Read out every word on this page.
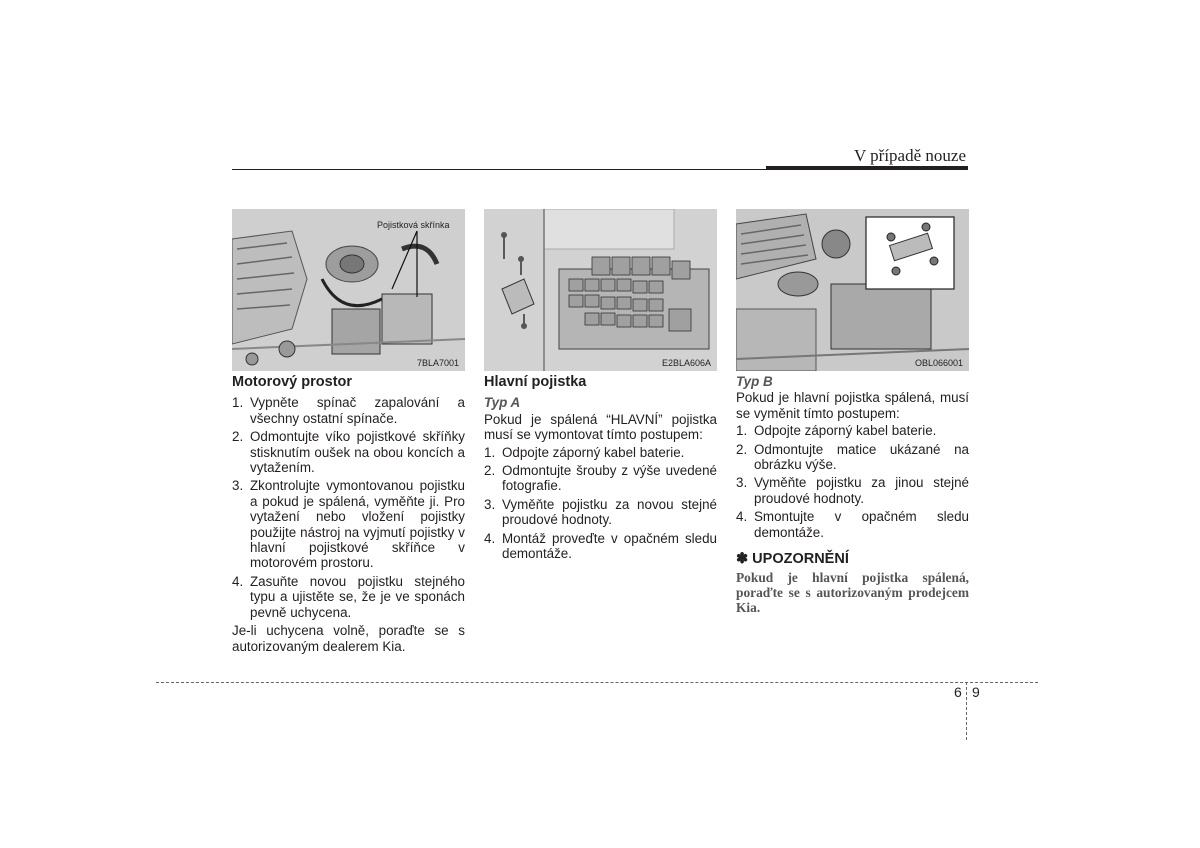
V případě nouze
Pojistková skřínka
7BLA7001	E2BLA606A	OBL066001
Motorový prostor
1. Vypněte spínač zapalování a všechny ostatní spínače.
2. Odmontujte víko pojistkové skříňky stisknutím oušek na obou koncích a vytažením.
3. Zkontrolujte vymontovanou pojistku a pokud je spálená, vyměňte ji. Pro vytažení nebo vložení pojistky použijte nástroj na vyjmutí pojistky v hlavní pojistkové skříňce v motorovém prostoru.
4. Zasuňte novou pojistku stejného typu a ujistěte se, že je ve sponách pevně uchycena.

Je-li uchycena volně, poraďte se s autorizovaným dealerem Kia.

Hlavní pojistka
Typ A

Pokud je spálená “HLAVNÍ” pojistka musí se vymontovat tímto postupem:

1. Odpojte záporný kabel baterie.
2. Odmontujte šrouby z výše uvedené fotografie.
3. Vyměňte pojistku za novou stejné proudové hodnoty.
4. Montáž proveďte v opačném sledu demontáže.
Typ B

Pokud je hlavní pojistka spálená, musí se vyměnit tímto postupem:

1. Odpojte záporný kabel baterie.
2. Odmontujte matice ukázané na obrázku výše.
3. Vyměňte pojistku za jinou stejné proudové hodnoty.
4. Smontujte v opačném sledu demontáže.
✽ UPOZORNĚNÍ
Pokud je hlavní pojistka spálená, poraďte se s autorizovaným prodejcem Kia.
6 9
